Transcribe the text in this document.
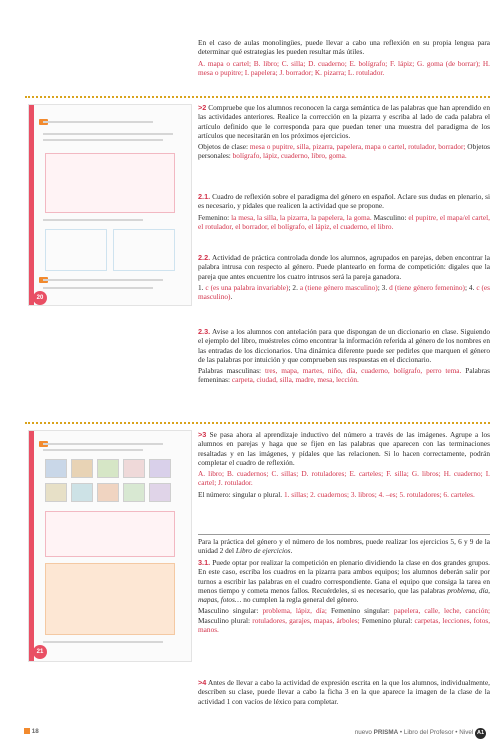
En el caso de aulas monolingües, puede llevar a cabo una reflexión en su propia lengua para determinar qué estrategias les pueden resultar más útiles.

A. mapa o cartel; B. libro; C. silla; D. cuaderno; E. bolígrafo; F. lápiz; G. goma (de borrar); H. mesa o pupitre; I. papelera; J. borrador; K. pizarra; L. rotulador.

20

>2 Compruebe que los alumnos reconocen la carga semántica de las palabras que han aprendido en las actividades anteriores. Realice la corrección en la pizarra y escriba al lado de cada palabra el artículo definido que le corresponda para que puedan tener una muestra del paradigma de los artículos que necesitarán en los próximos ejercicios.

Objetos de clase: mesa o pupitre, silla, pizarra, papelera, mapa o cartel, rotulador, borrador; Objetos personales: bolígrafo, lápiz, cuaderno, libro, goma.

2.1. Cuadro de reflexión sobre el paradigma del género en español. Aclare sus dudas en plenario, si es necesario, y pídales que realicen la actividad que se propone.

Femenino: la mesa, la silla, la pizarra, la papelera, la goma. Masculino: el pupitre, el mapa/el cartel, el rotulador, el borrador, el bolígrafo, el lápiz, el cuaderno, el libro.

2.2. Actividad de práctica controlada donde los alumnos, agrupados en parejas, deben encontrar la palabra intrusa con respecto al género. Puede plantearlo en forma de competición: digales que la pareja que antes encuentre los cuatro intrusos será la pareja ganadora.

1. c (es una palabra invariable); 2. a (tiene género masculino); 3. d (tiene género femenino); 4. c (es masculino).

2.3. Avise a los alumnos con antelación para que dispongan de un diccionario en clase. Siguiendo el ejemplo del libro, muéstreles cómo encontrar la información referida al género de los nombres en las entradas de los diccionarios. Una dinámica diferente puede ser pedirles que marquen el género de las palabras por intuición y que comprueben sus respuestas en el diccionario.

Palabras masculinas: tres, mapa, martes, niño, día, cuaderno, bolígrafo, perro tema. Palabras femeninas: carpeta, ciudad, silla, madre, mesa, lección.

21

>3 Se pasa ahora al aprendizaje inductivo del número a través de las imágenes. Agrupe a los alumnos en parejas y haga que se fijen en las palabras que aparecen con las terminaciones resaltadas y en las imágenes, y pídales que las relacionen. Si lo hacen correctamente, podrán completar el cuadro de reflexión.

A. libro; B. cuadernos; C. sillas; D. rotuladores; E. carteles; F. silla; G. libros; H. cuaderno; I. cartel; J. rotulador.

El número: singular o plural. 1. sillas; 2. cuadernos; 3. libros; 4. –es; 5. rotuladores; 6. carteles.

Para la práctica del género y el número de los nombres, puede realizar los ejercicios 5, 6 y 9 de la unidad 2 del Libro de ejercicios.

3.1. Puede optar por realizar la competición en plenario dividiendo la clase en dos grandes grupos. En este caso, escriba los cuadros en la pizarra para ambos equipos; los alumnos deberán salir por turnos a escribir las palabras en el cuadro correspondiente. Gana el equipo que consiga la tarea en menos tiempo y cometa menos fallos. Recuérdeles, si es necesario, que las palabras problema, día, mapas, fotos… no cumplen la regla general del género.

Masculino singular: problema, lápiz, día; Femenino singular: papelera, calle, leche, canción; Masculino plural: rotuladores, garajes, mapas, árboles; Femenino plural: carpetas, lecciones, fotos, manos.

>4 Antes de llevar a cabo la actividad de expresión escrita en la que los alumnos, individualmente, describen su clase, puede llevar a cabo la ficha 3 en la que aparece la imagen de la clase de la actividad 1 con vacíos de léxico para completar.

18	nuevo PRISMA • Libro del Profesor • Nivel A1
